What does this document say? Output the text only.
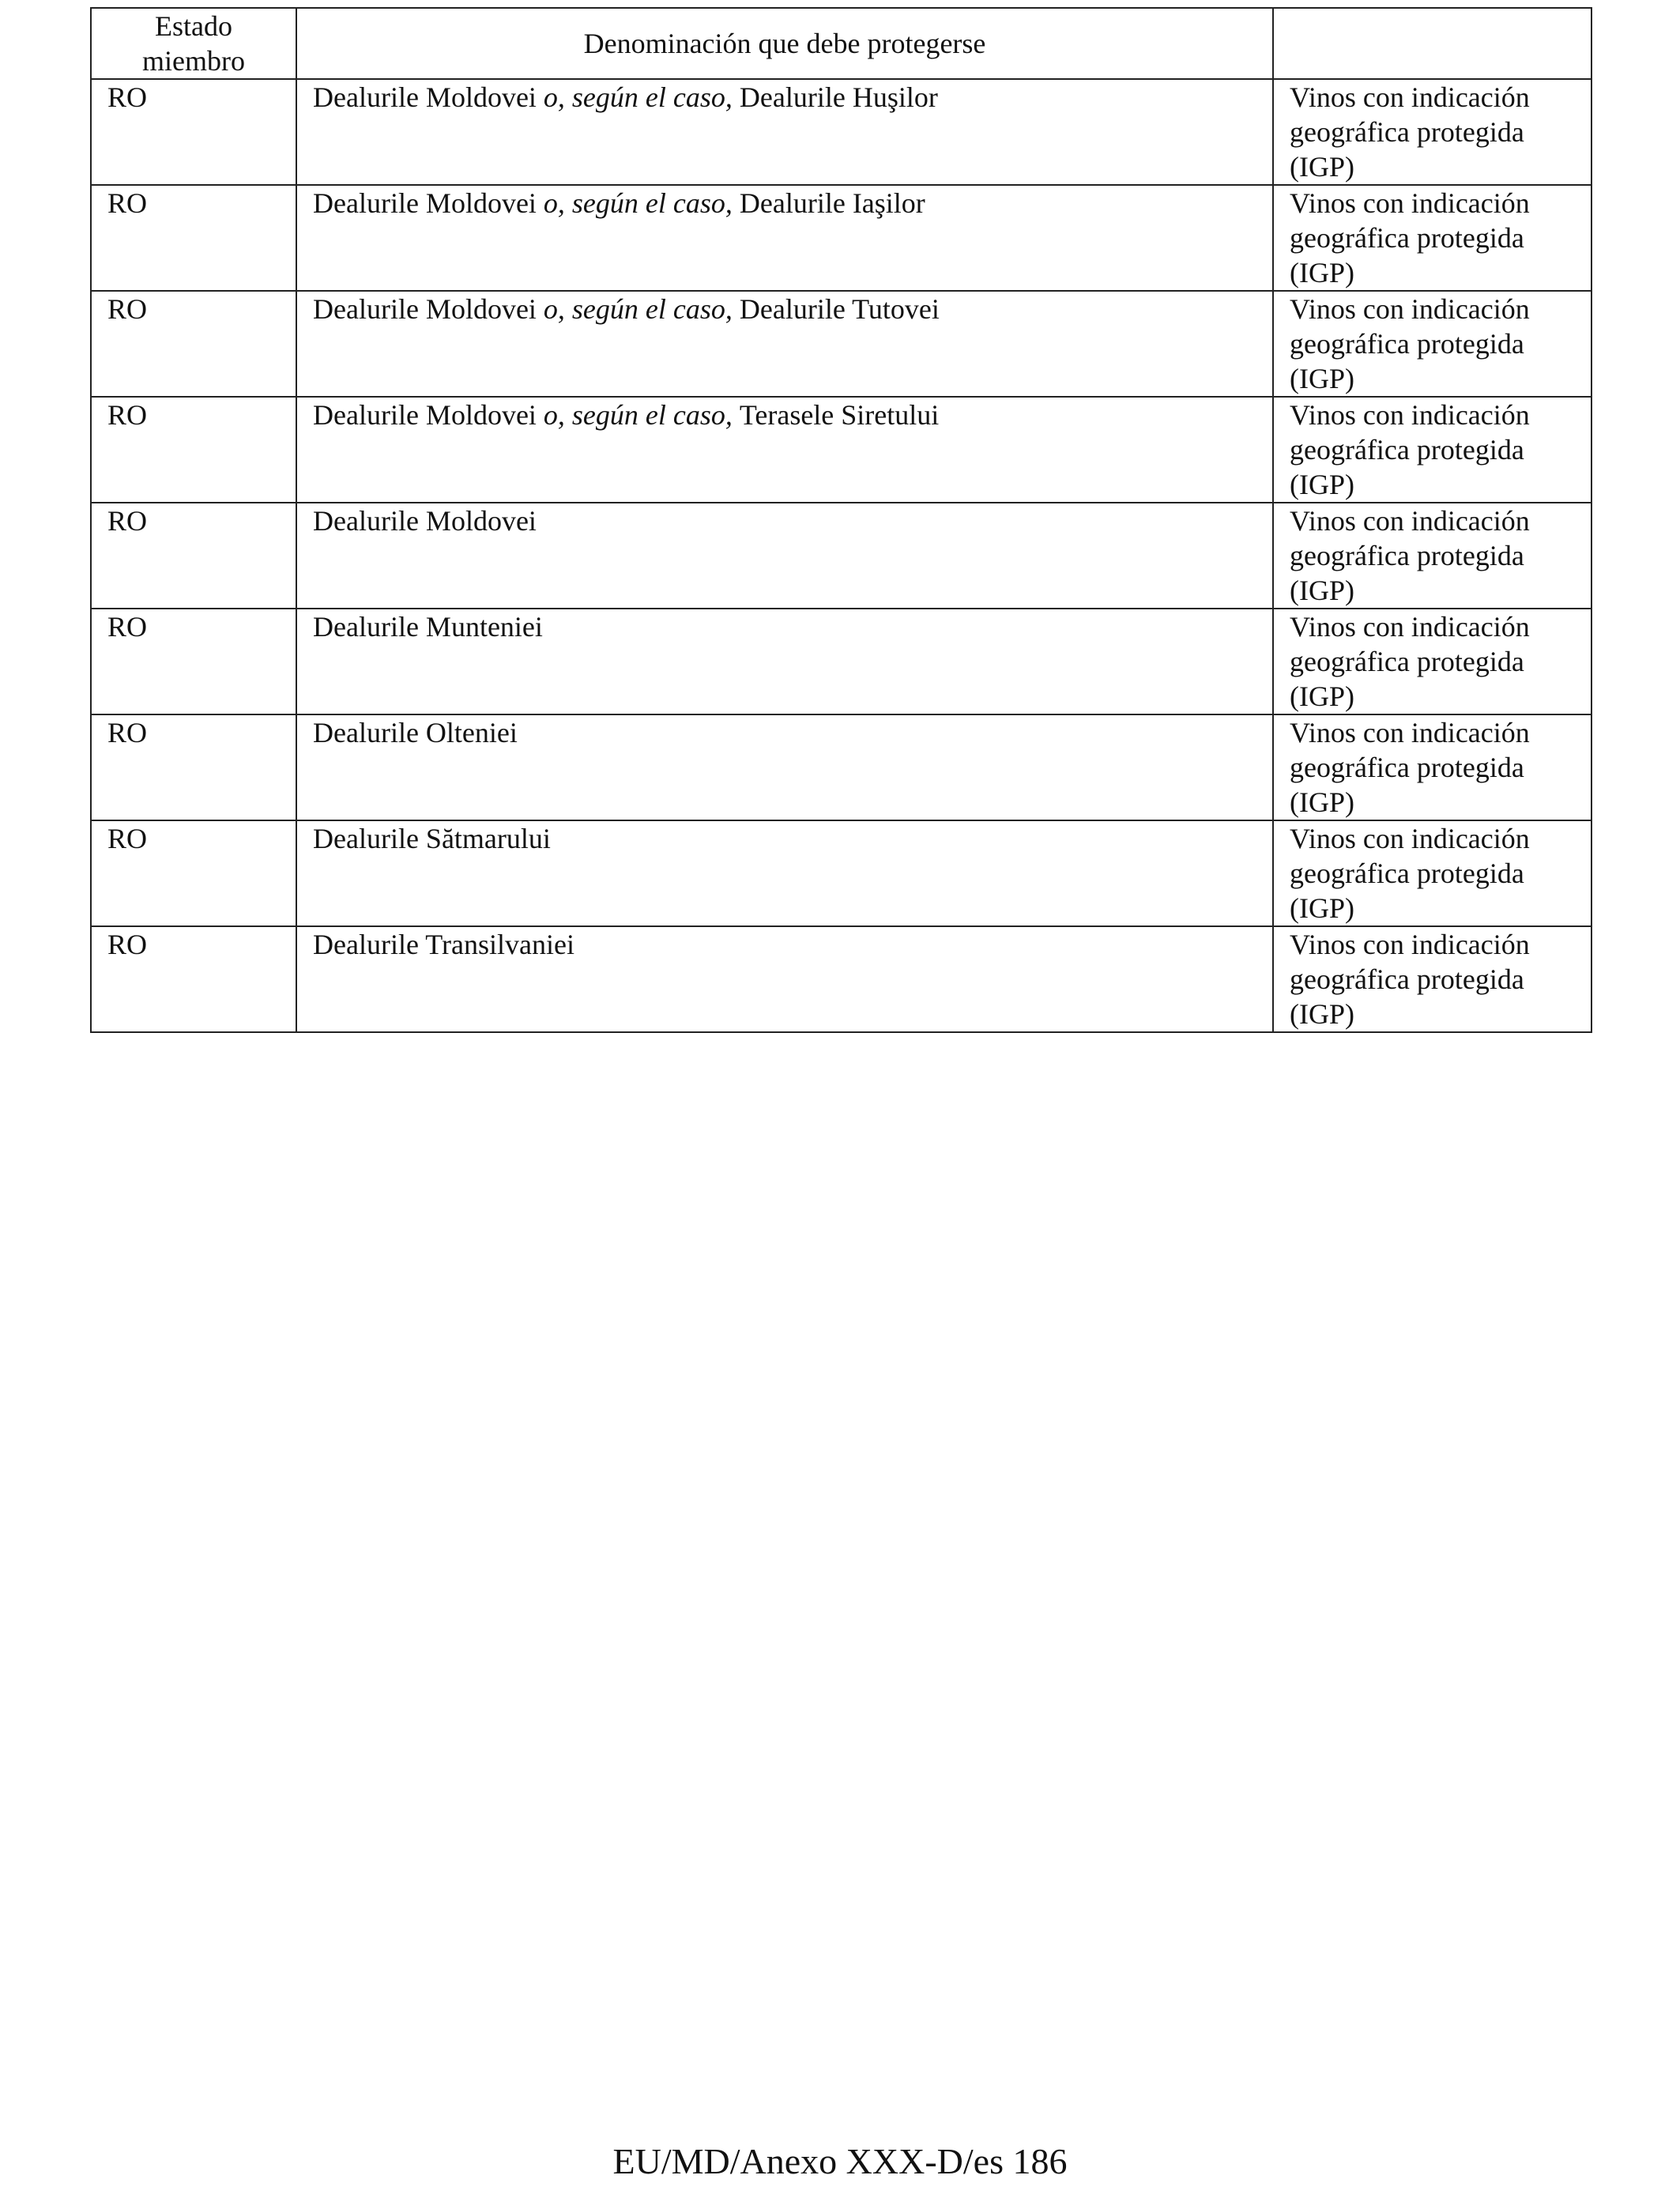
Estado
miembro	Denominación que debe protegerse	

RO	Dealurile Moldovei o, según el caso, Dealurile Huşilor	Vinos con indicación
geográfica protegida
(IGP)

RO	Dealurile Moldovei o, según el caso, Dealurile Iaşilor	Vinos con indicación
geográfica protegida
(IGP)

RO	Dealurile Moldovei o, según el caso, Dealurile Tutovei	Vinos con indicación
geográfica protegida
(IGP)

RO	Dealurile Moldovei o, según el caso, Terasele Siretului	Vinos con indicación
geográfica protegida
(IGP)

RO	Dealurile Moldovei	Vinos con indicación
geográfica protegida
(IGP)

RO	Dealurile Munteniei	Vinos con indicación
geográfica protegida
(IGP)

RO	Dealurile Olteniei	Vinos con indicación
geográfica protegida
(IGP)

RO	Dealurile Sătmarului	Vinos con indicación
geográfica protegida
(IGP)

RO	Dealurile Transilvaniei	Vinos con indicación
geográfica protegida
(IGP)
EU/MD/Anexo XXX-D/es 186
